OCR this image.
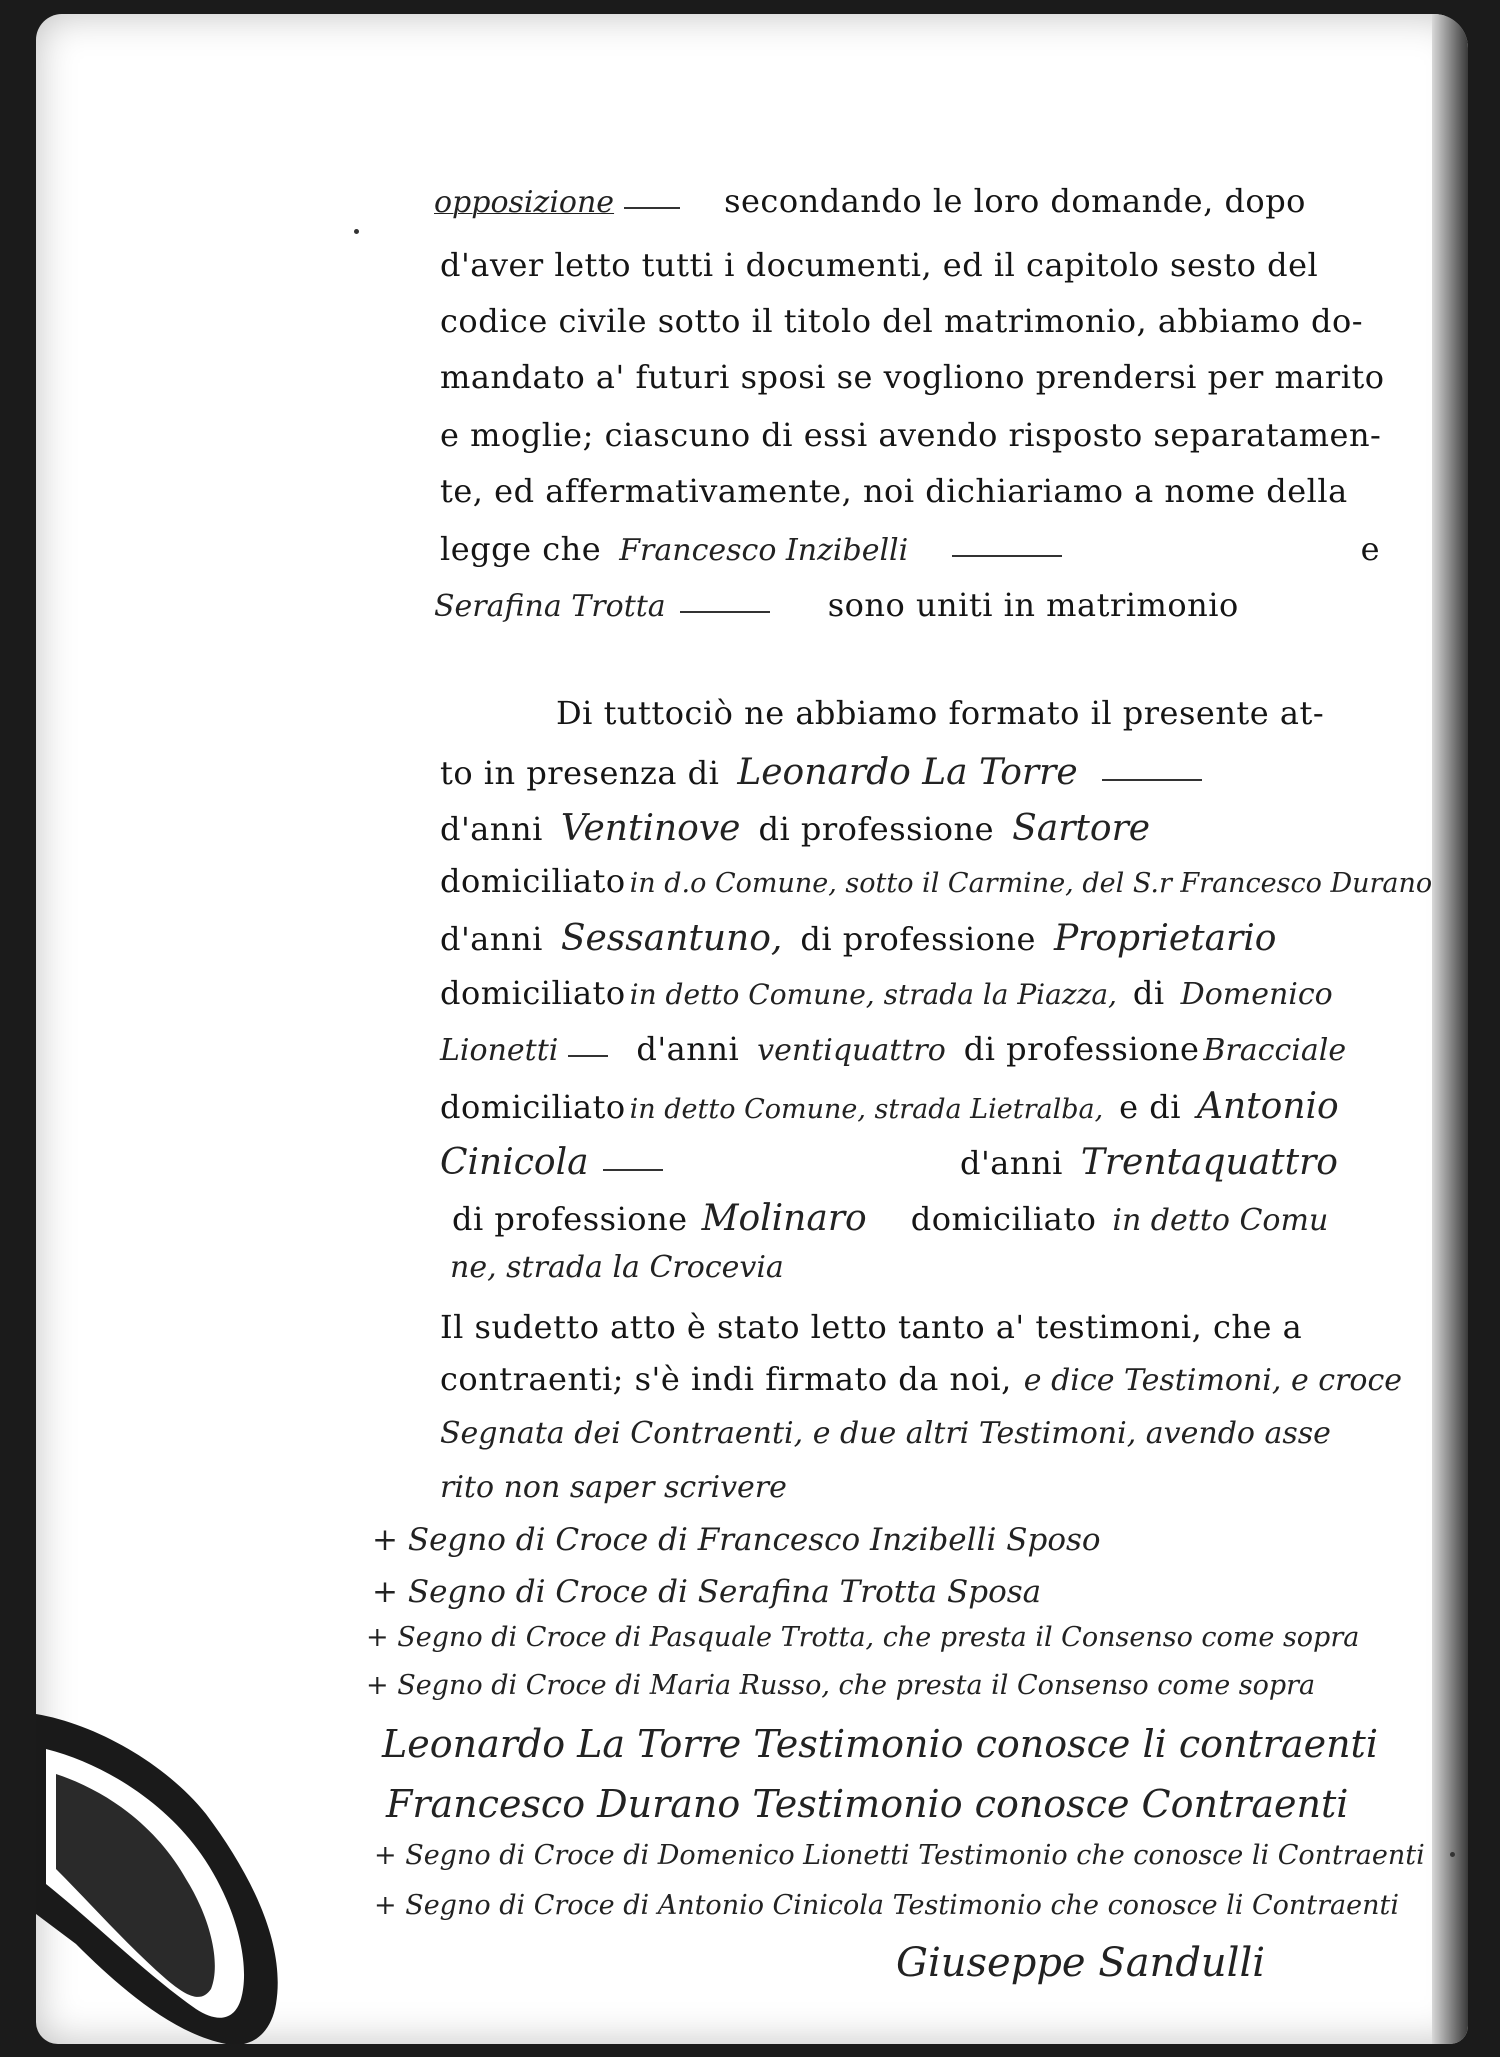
opposizione	secondando le loro domande, dopo
d'aver letto tutti i documenti, ed il capitolo sesto del
codice civile sotto il titolo del matrimonio, abbiamo do-
mandato a' futuri sposi se vogliono prendersi per marito
e moglie; ciascuno di essi avendo risposto separatamen-
te, ed affermativamente, noi dichiariamo a nome della
legge che Francesco Inzibelli	e
Serafina Trotta	sono uniti in matrimonio
Di tuttociò ne abbiamo formato il presente at-
to in presenza di Leonardo La Torre
d'anni Ventinove di professione Sartore
domiciliato in d.o Comune, sotto il Carmine, del S.r Francesco Durano
d'anni Sessantuno, di professione Proprietario
domiciliato in detto Comune, strada la Piazza, di Domenico
Lionetti d'anni ventiquattro di professione Bracciale
domiciliato in detto Comune, strada Lietralba, e di Antonio
Cinicola	d'anni Trentaquattro
di professione Molinaro domiciliato in detto Comu
ne, strada la Crocevia
Il sudetto atto è stato letto tanto a' testimoni, che a
contraenti; s'è indi firmato da noi, e dice Testimoni, e croce
Segnata dei Contraenti, e due altri Testimoni, avendo asse
rito non saper scrivere
+ Segno di Croce di Francesco Inzibelli Sposo
+ Segno di Croce di Serafina Trotta Sposa
+ Segno di Croce di Pasquale Trotta, che presta il Consenso come sopra
+ Segno di Croce di Maria Russo, che presta il Consenso come sopra
Leonardo La Torre Testimonio conosce li contraenti
Francesco Durano Testimonio conosce Contraenti
+ Segno di Croce di Domenico Lionetti Testimonio che conosce li Contraenti
+ Segno di Croce di Antonio Cinicola Testimonio che conosce li Contraenti
Giuseppe Sandulli
